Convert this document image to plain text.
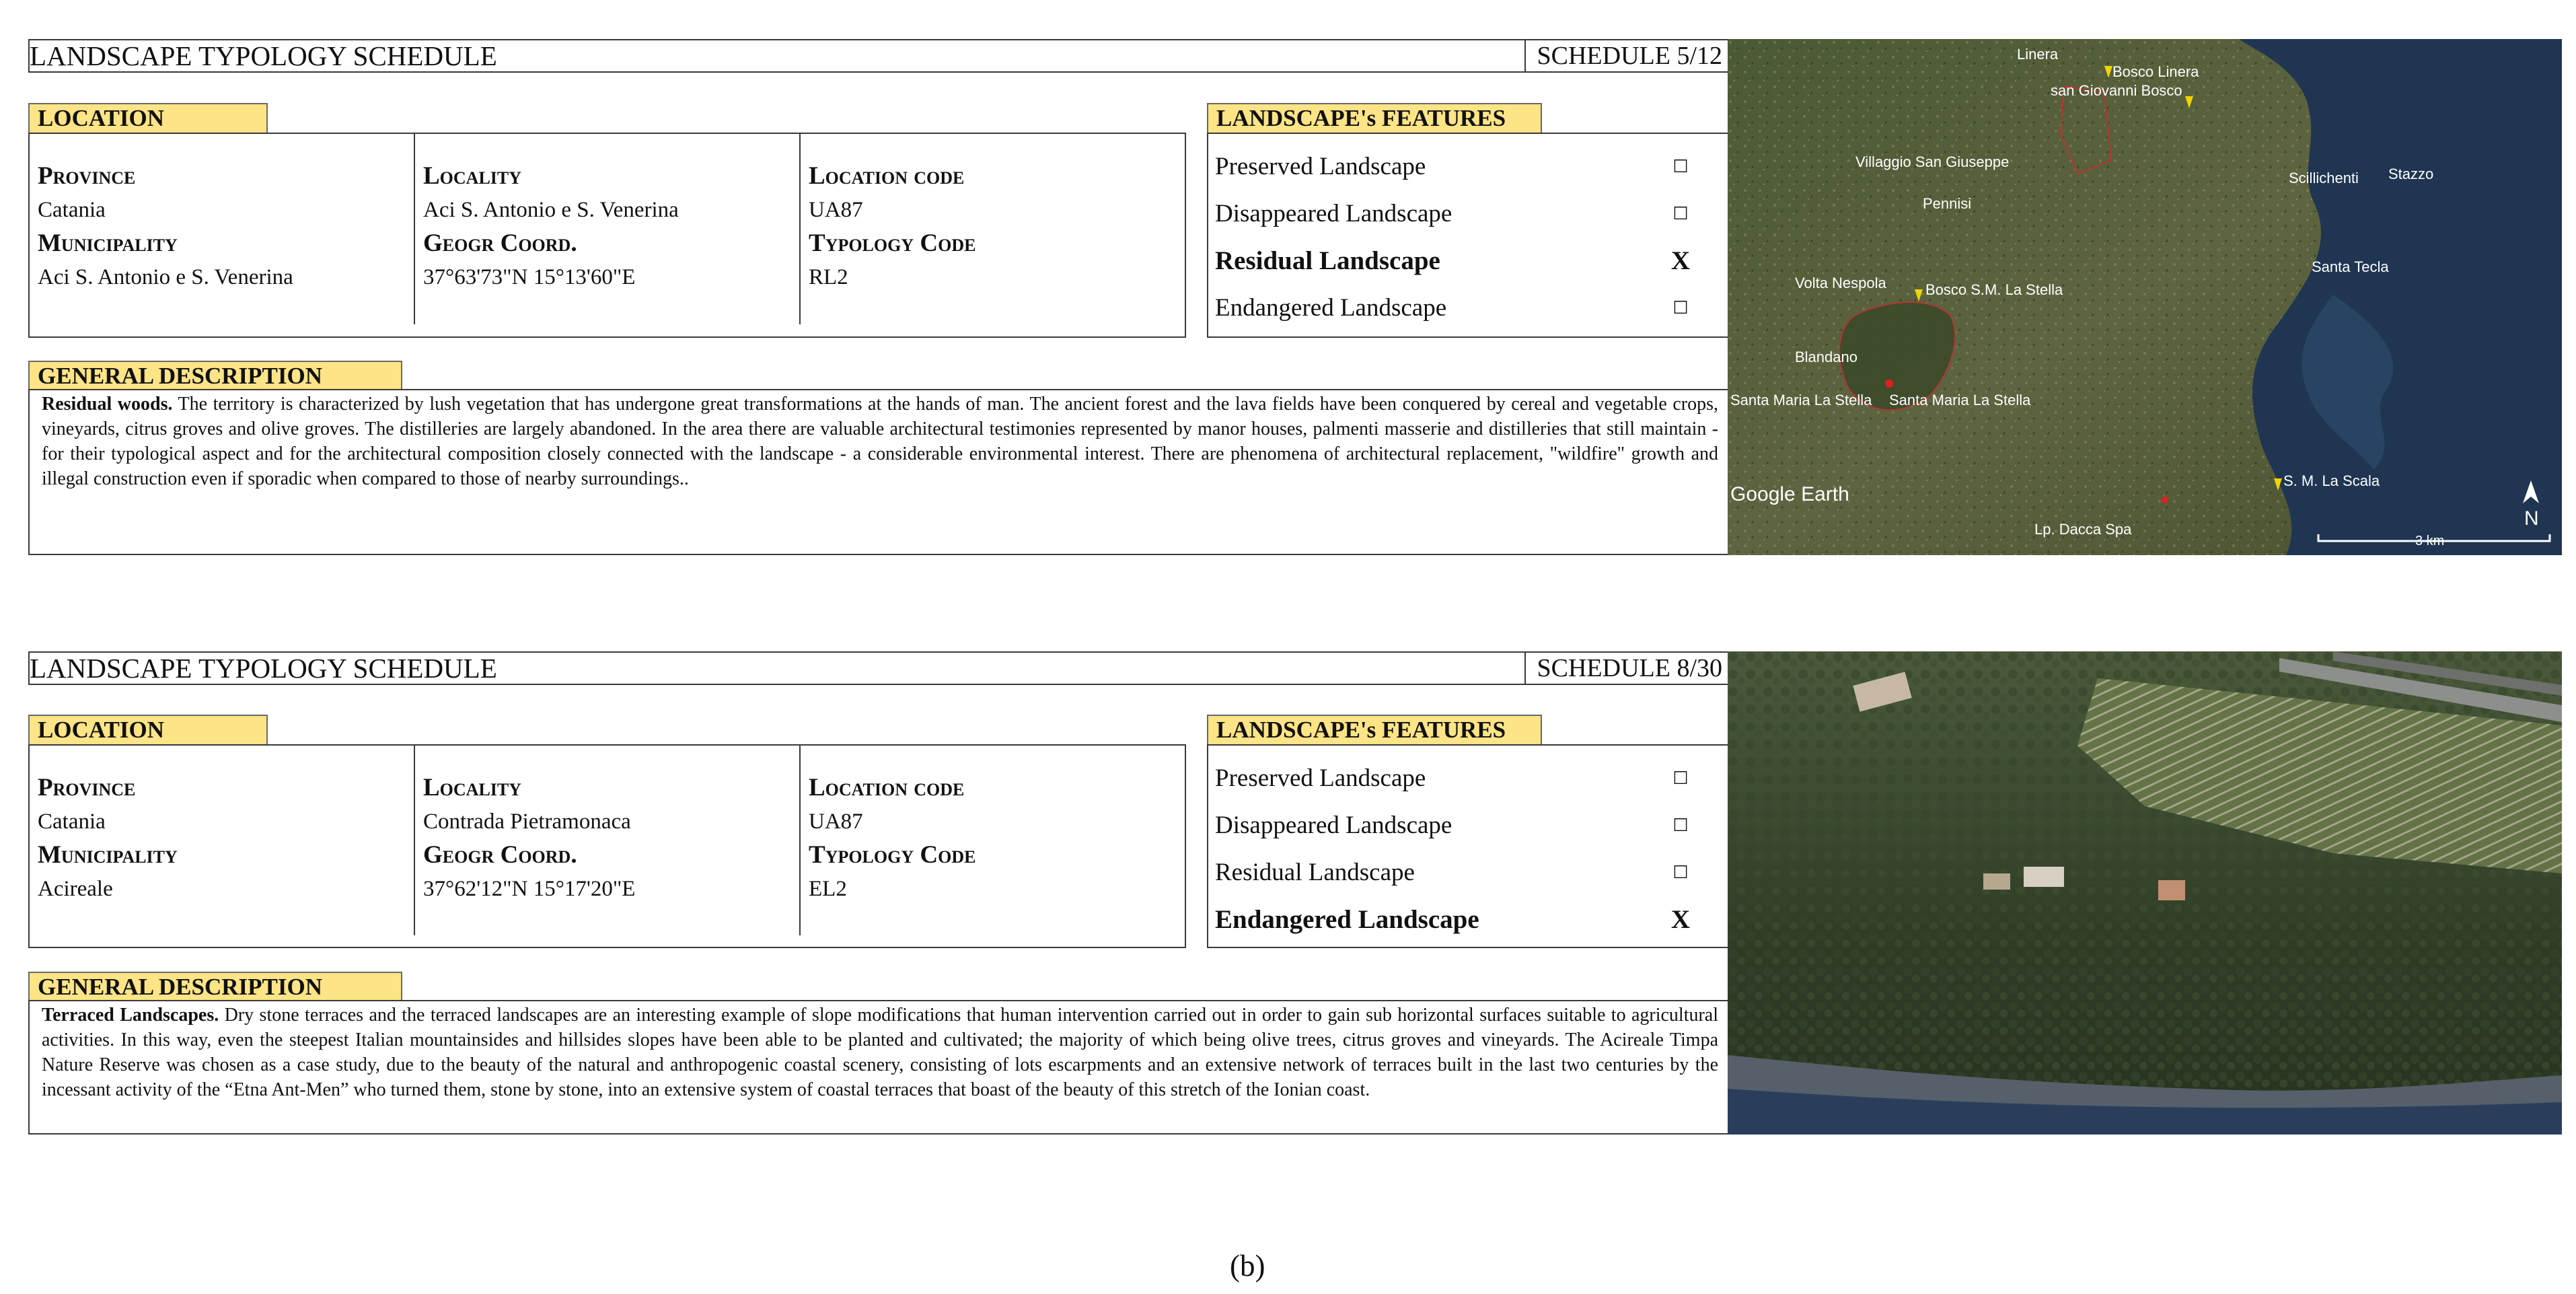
LANDSCAPE TYPOLOGY SCHEDULE	SCHEDULE 5/12
LOCATION
Province
Catania
Municipality
Aci S. Antonio e S. Venerina
Locality
Aci S. Antonio e S. Venerina
Geogr Coord.
37°63'73"N 15°13'60"E
Location code
UA87
Typology Code
RL2
LANDSCAPE's FEATURES
Preserved Landscape	☐
Disappeared Landscape	☐
Residual Landscape	X
Endangered Landscape	☐
GENERAL DESCRIPTION
Residual woods. The territory is characterized by lush vegetation that has undergone great transformations at the hands of man. The ancient forest and the lava fields have been conquered by cereal and vegetable crops, vineyards, citrus groves and olive groves. The distilleries are largely abandoned. In the area there are valuable architectural testimonies represented by manor houses, palmenti masserie and distilleries that still maintain - for their typological aspect and for the architectural composition closely connected with the landscape - a considerable environmental interest. There are phenomena of architectural replacement, "wildfire" growth and illegal construction even if sporadic when compared to those of nearby surroundings..
Linera
Bosco Linera
san Giovanni Bosco
Villaggio San Giuseppe
Pennisi
Scillichenti Stazzo
Volta Nespola	Bosco S.M. La Stella
Santa Tecla
Blandano
Santa Maria La Stella Santa Maria La Stella
S. M. La Scala
Lp. Dacca Spa
Google Earth
3 km
N
LANDSCAPE TYPOLOGY SCHEDULE	SCHEDULE 8/30
LOCATION
Province
Catania
Municipality
Acireale
Locality
Contrada Pietramonaca
Geogr Coord.
37°62'12"N 15°17'20"E
Location code
UA87
Typology Code
EL2
LANDSCAPE's FEATURES
Preserved Landscape	☐
Disappeared Landscape	☐
Residual Landscape	☐
Endangered Landscape	X
GENERAL DESCRIPTION
Terraced Landscapes. Dry stone terraces and the terraced landscapes are an interesting example of slope modifications that human intervention carried out in order to gain sub horizontal surfaces suitable to agricultural activities. In this way, even the steepest Italian mountainsides and hillsides slopes have been able to be planted and cultivated; the majority of which being olive trees, citrus groves and vineyards. The Acireale Timpa Nature Reserve was chosen as a case study, due to the beauty of the natural and anthropogenic coastal scenery, consisting of lots escarpments and an extensive network of terraces built in the last two centuries by the incessant activity of the “Etna Ant-Men” who turned them, stone by stone, into an extensive system of coastal terraces that boast of the beauty of this stretch of the Ionian coast.
(b)
